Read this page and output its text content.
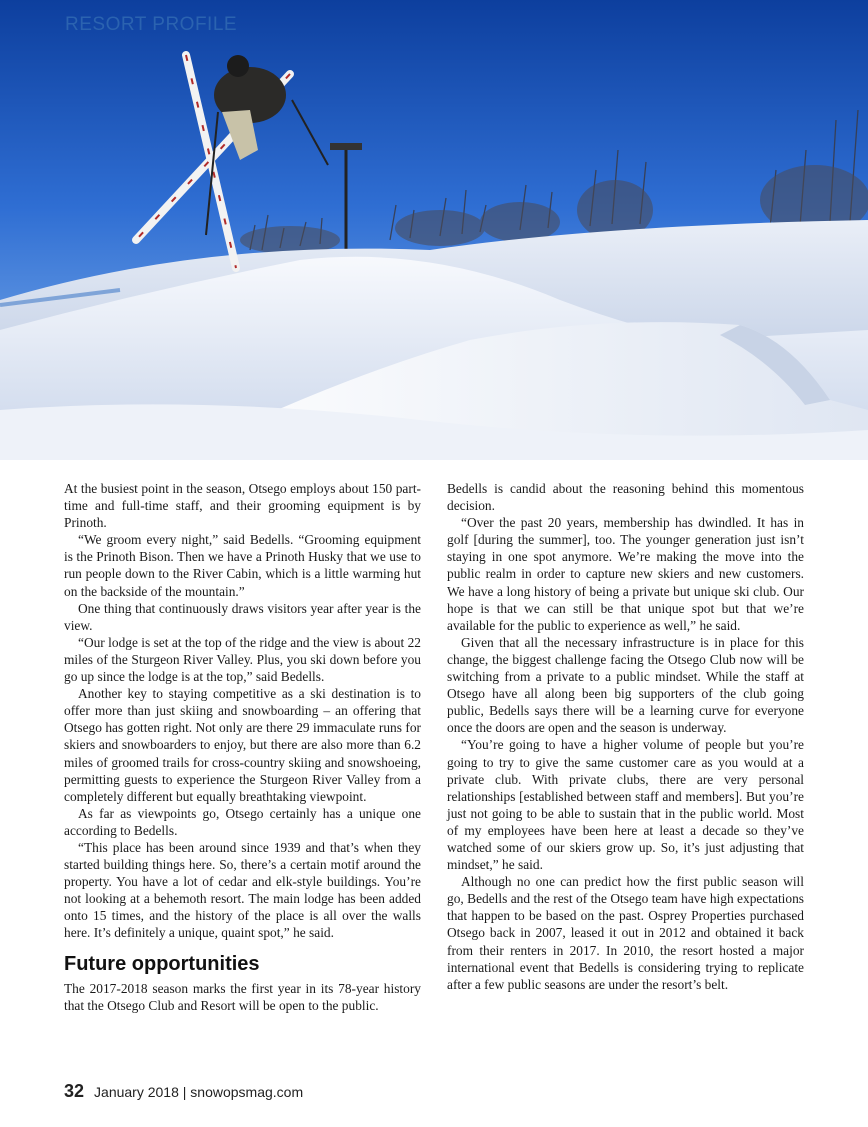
RESORT PROFILE

At the busiest point in the season, Otsego employs about 150 part-time and full-time staff, and their grooming equipment is by Prinoth.

“We groom every night,” said Bedells. “Grooming equipment is the Prinoth Bison. Then we have a Prinoth Husky that we use to run people down to the River Cabin, which is a little warming hut on the backside of the mountain.”

One thing that continuously draws visitors year after year is the view.

“Our lodge is set at the top of the ridge and the view is about 22 miles of the Sturgeon River Valley. Plus, you ski down before you go up since the lodge is at the top,” said Bedells.

Another key to staying competitive as a ski destination is to offer more than just skiing and snowboarding – an offering that Otsego has gotten right. Not only are there 29 immaculate runs for skiers and snowboarders to enjoy, but there are also more than 6.2 miles of groomed trails for cross-country skiing and snowshoeing, permitting guests to experience the Sturgeon River Valley from a completely different but equally breathtaking viewpoint.

As far as viewpoints go, Otsego certainly has a unique one according to Bedells.

“This place has been around since 1939 and that’s when they started building things here. So, there’s a certain motif around the property. You have a lot of cedar and elk-style buildings. You’re not looking at a behemoth resort. The main lodge has been added onto 15 times, and the history of the place is all over the walls here. It’s definitely a unique, quaint spot,” he said.

Future opportunities

The 2017-2018 season marks the first year in its 78-year history that the Otsego Club and Resort will be open to the public.

Bedells is candid about the reasoning behind this momentous decision.

“Over the past 20 years, membership has dwindled. It has in golf [during the summer], too. The younger generation just isn’t staying in one spot anymore. We’re making the move into the public realm in order to capture new skiers and new customers. We have a long history of being a private but unique ski club. Our hope is that we can still be that unique spot but that we’re available for the public to experience as well,” he said.

Given that all the necessary infrastructure is in place for this change, the biggest challenge facing the Otsego Club now will be switching from a private to a public mindset. While the staff at Otsego have all along been big supporters of the club going public, Bedells says there will be a learning curve for everyone once the doors are open and the season is underway.

“You’re going to have a higher volume of people but you’re going to try to give the same customer care as you would at a private club. With private clubs, there are very personal relationships [established between staff and members]. But you’re just not going to be able to sustain that in the public world. Most of my employees have been here at least a decade so they’ve watched some of our skiers grow up. So, it’s just adjusting that mindset,” he said.

Although no one can predict how the first public season will go, Bedells and the rest of the Otsego team have high expectations that happen to be based on the past. Osprey Properties purchased Otsego back in 2007, leased it out in 2012 and obtained it back from their renters in 2017. In 2010, the resort hosted a major international event that Bedells is considering trying to replicate after a few public seasons are under the resort’s belt.

32 January 2018 | snowopsmag.com
